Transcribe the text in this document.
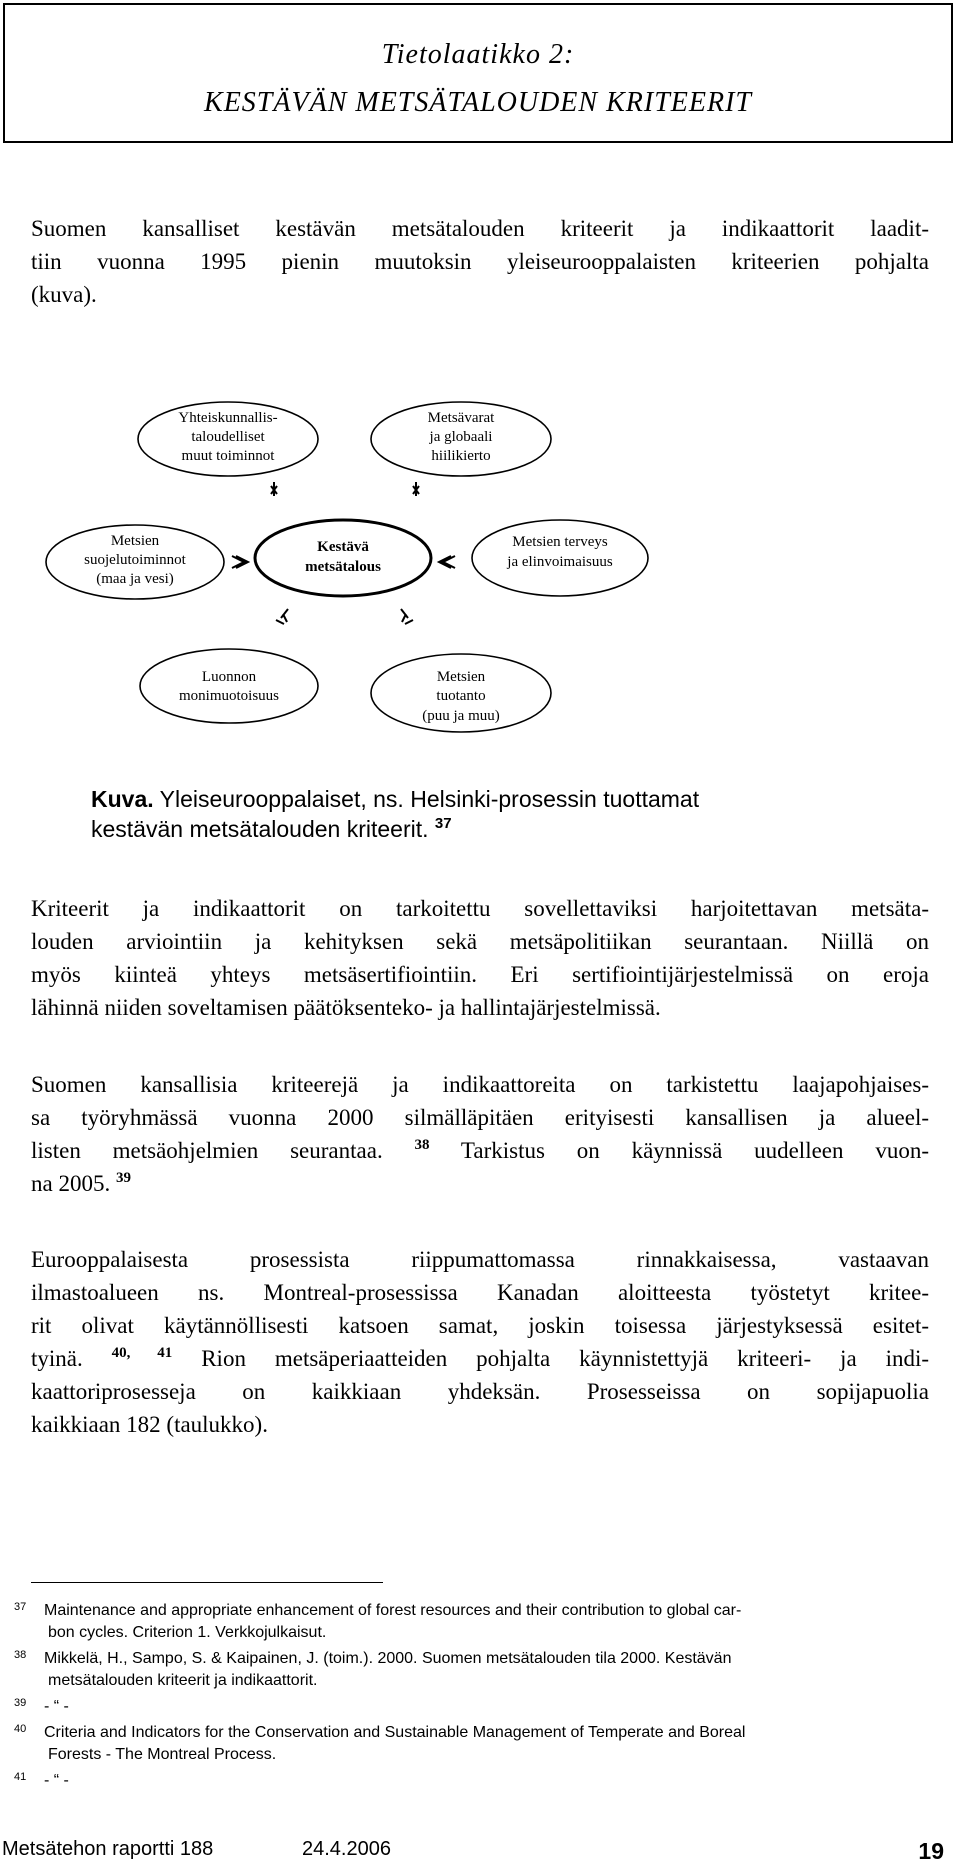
Tietolaatikko 2:
KESTÄVÄN METSÄTALOUDEN KRITEERIT
Suomen kansalliset kestävän metsätalouden kriteerit ja indikaattorit laadit-
tiin vuonna 1995 pienin muutoksin yleiseurooppalaisten kriteerien pohjalta
(kuva).
Yhteiskunnallis-
taloudelliset
muut toiminnot
Metsävarat
ja globaali
hiilikierto
Metsien
suojelutoiminnot
(maa ja vesi)
Kestävä
metsätalous
Metsien terveys
ja elinvoimaisuus
Luonnon
monimuotoisuus
Metsien
tuotanto
(puu ja muu)
Kuva. Yleiseurooppalaiset, ns. Helsinki-prosessin tuottamat
kestävän metsätalouden kriteerit. $^{37}$
Kriteerit ja indikaattorit on tarkoitettu sovellettaviksi harjoitettavan metsäta-
louden arviointiin ja kehityksen sekä metsäpolitiikan seurantaan. Niillä on
myös kiinteä yhteys metsäsertifiointiin. Eri sertifiointijärjestelmissä on eroja
lähinnä niiden soveltamisen päätöksenteko- ja hallintajärjestelmissä.
Suomen kansallisia kriteerejä ja indikaattoreita on tarkistettu laajapohjaises-
sa työryhmässä vuonna 2000 silmälläpitäen erityisesti kansallisen ja alueel-
listen metsäohjelmien seurantaa. $^{38}$ Tarkistus on käynnissä uudelleen vuon-
na 2005. $^{39}$
Eurooppalaisesta prosessista riippumattomassa rinnakkaisessa, vastaavan
ilmastoalueen ns. Montreal-prosessissa Kanadan aloitteesta työstetyt kritee-
rit olivat käytännöllisesti katsoen samat, joskin toisessa järjestyksessä esitet-
tyinä. $^{40, 41}$ Rion metsäperiaatteiden pohjalta käynnistettyjä kriteeri- ja indi-
kaattoriprosesseja on kaikkiaan yhdeksän. Prosesseissa on sopijapuolia
kaikkiaan 182 (taulukko).
37 Maintenance and appropriate enhancement of forest resources and their contribution to global car-
bon cycles. Criterion 1. Verkkojulkaisut.
38 Mikkelä, H., Sampo, S. & Kaipainen, J. (toim.). 2000. Suomen metsätalouden tila 2000. Kestävän
metsätalouden kriteerit ja indikaattorit.
39 - “ -
40 Criteria and Indicators for the Conservation and Sustainable Management of Temperate and Boreal
Forests - The Montreal Process.
41 - “ -
Metsätehon raportti 188	24.4.2006	19
